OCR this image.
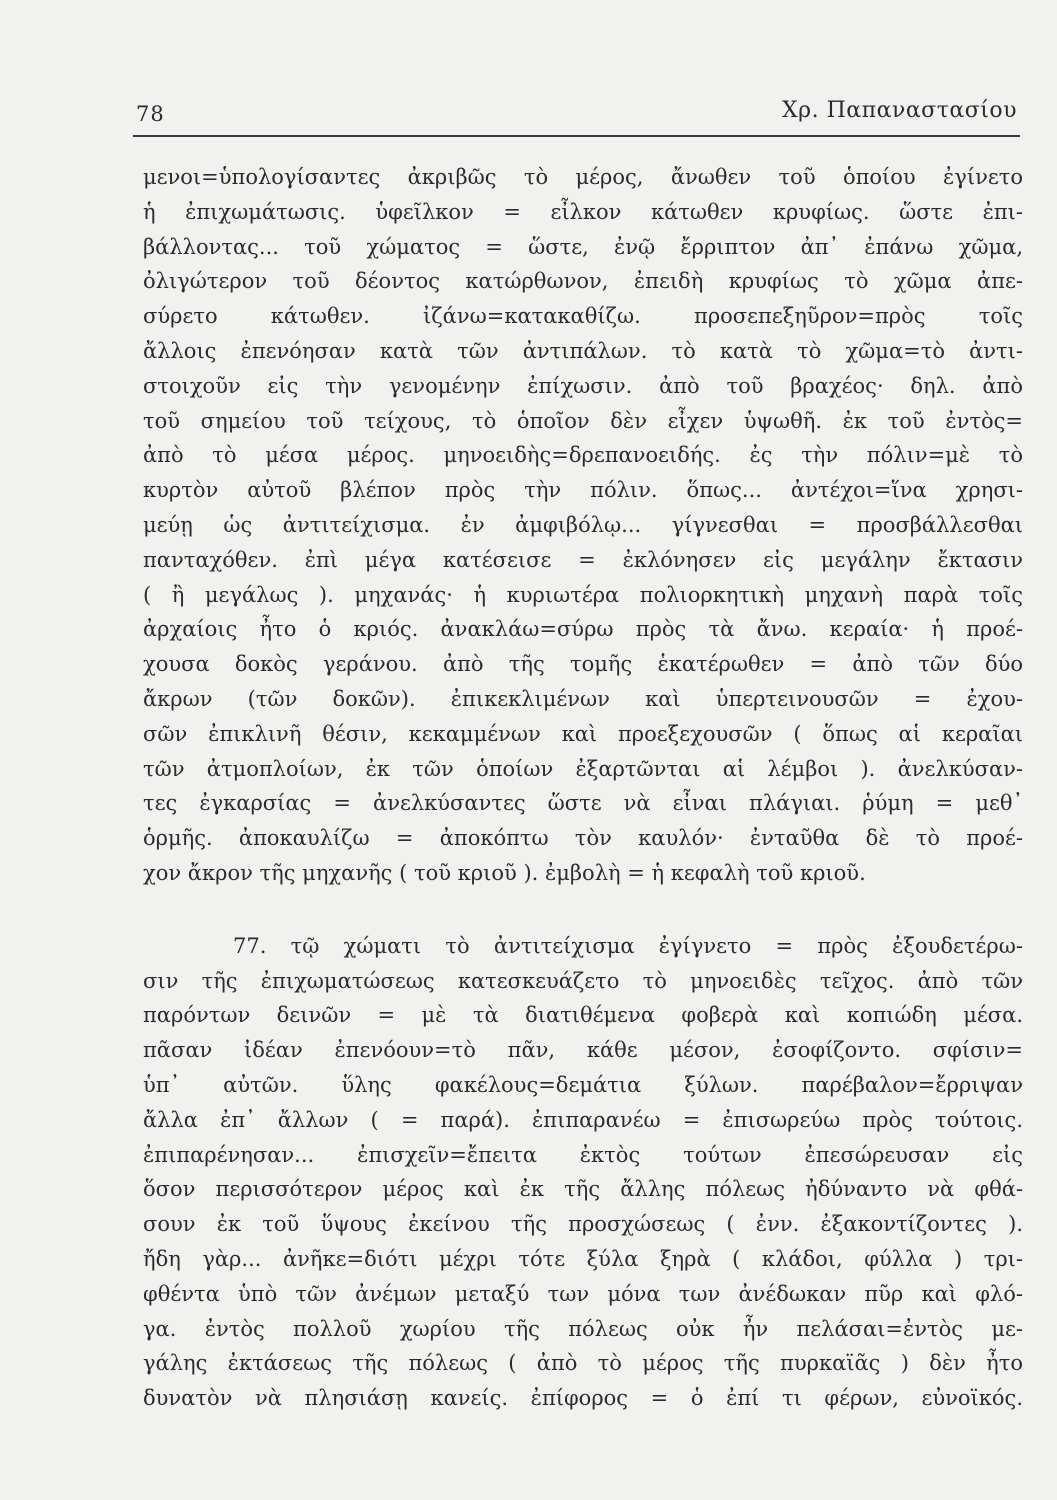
78	Χρ. Παπαναστασίου
μενοι=ὑπολογίσαντες ἀκριβῶς τὸ μέρος, ἄνωθεν τοῦ ὁποίου ἐγίνετο
ἡ ἐπιχωμάτωσις. ὑφεῖλκον = εἶλκον κάτωθεν κρυφίως. ὥστε ἐπι-
βάλλοντας... τοῦ χώματος = ὥστε, ἐνῷ ἔρριπτον ἀπ᾽ ἐπάνω χῶμα,
ὀλιγώτερον τοῦ δέοντος κατώρθωνον, ἐπειδὴ κρυφίως τὸ χῶμα ἀπε-
σύρετο κάτωθεν. ἰζάνω=κατακαθίζω. προσεπεξηῦρον=πρὸς τοῖς
ἄλλοις ἐπενόησαν κατὰ τῶν ἀντιπάλων. τὸ κατὰ τὸ χῶμα=τὸ ἀντι-
στοιχοῦν εἰς τὴν γενομένην ἐπίχωσιν. ἀπὸ τοῦ βραχέος· δηλ. ἀπὸ
τοῦ σημείου τοῦ τείχους, τὸ ὁποῖον δὲν εἶχεν ὑψωθῆ. ἐκ τοῦ ἐντὸς=
ἀπὸ τὸ μέσα μέρος. μηνοειδὴς=δρεπανοειδής. ἐς τὴν πόλιν=μὲ τὸ
κυρτὸν αὐτοῦ βλέπον πρὸς τὴν πόλιν. ὅπως... ἀντέχοι=ἵνα χρησι-
μεύῃ ὡς ἀντιτείχισμα. ἐν ἀμφιβόλῳ... γίγνεσθαι = προσβάλλεσθαι
πανταχόθεν. ἐπὶ μέγα κατέσεισε = ἐκλόνησεν εἰς μεγάλην ἔκτασιν
( ἢ μεγάλως ). μηχανάς· ἡ κυριωτέρα πολιορκητικὴ μηχανὴ παρὰ τοῖς
ἀρχαίοις ἦτο ὁ κριός. ἀνακλάω=σύρω πρὸς τὰ ἄνω. κεραία· ἡ προέ-
χουσα δοκὸς γεράνου. ἀπὸ τῆς τομῆς ἑκατέρωθεν = ἀπὸ τῶν δύο
ἄκρων (τῶν δοκῶν). ἐπικεκλιμένων καὶ ὑπερτεινουσῶν = ἐχου-
σῶν ἐπικλινῆ θέσιν, κεκαμμένων καὶ προεξεχουσῶν ( ὅπως αἱ κεραῖαι
τῶν ἀτμοπλοίων, ἐκ τῶν ὁποίων ἐξαρτῶνται αἱ λέμβοι ). ἀνελκύσαν-
τες ἐγκαρσίας = ἀνελκύσαντες ὥστε νὰ εἶναι πλάγιαι. ῥύμη = μεθ᾽
ὁρμῆς. ἀποκαυλίζω = ἀποκόπτω τὸν καυλόν· ἐνταῦθα δὲ τὸ προέ-
χον ἄκρον τῆς μηχανῆς ( τοῦ κριοῦ ). ἐμβολὴ = ἡ κεφαλὴ τοῦ κριοῦ.
77. τῷ χώματι τὸ ἀντιτείχισμα ἐγίγνετο = πρὸς ἐξουδετέρω-
σιν τῆς ἐπιχωματώσεως κατεσκευάζετο τὸ μηνοειδὲς τεῖχος. ἀπὸ τῶν
παρόντων δεινῶν = μὲ τὰ διατιθέμενα φοβερὰ καὶ κοπιώδη μέσα.
πᾶσαν ἰδέαν ἐπενόουν=τὸ πᾶν, κάθε μέσον, ἐσοφίζοντο. σφίσιν=
ὑπ᾽ αὐτῶν. ὕλης φακέλους=δεμάτια ξύλων. παρέβαλον=ἔρριψαν
ἄλλα ἐπ᾽ ἄλλων ( = παρά). ἐπιπαρανέω = ἐπισωρεύω πρὸς τούτοις.
ἐπιπαρένησαν... ἐπισχεῖν=ἔπειτα ἐκτὸς τούτων ἐπεσώρευσαν εἰς
ὅσον περισσότερον μέρος καὶ ἐκ τῆς ἄλλης πόλεως ἠδύναντο νὰ φθά-
σουν ἐκ τοῦ ὕψους ἐκείνου τῆς προσχώσεως ( ἐνν. ἐξακοντίζοντες ).
ἤδη γὰρ... ἀνῆκε=διότι μέχρι τότε ξύλα ξηρὰ ( κλάδοι, φύλλα ) τρι-
φθέντα ὑπὸ τῶν ἀνέμων μεταξύ των μόνα των ἀνέδωκαν πῦρ καὶ φλό-
γα. ἐντὸς πολλοῦ χωρίου τῆς πόλεως οὐκ ἦν πελάσαι=ἐντὸς με-
γάλης ἐκτάσεως τῆς πόλεως ( ἀπὸ τὸ μέρος τῆς πυρκαϊᾶς ) δὲν ἦτο
δυνατὸν νὰ πλησιάσῃ κανείς. ἐπίφορος = ὁ ἐπί τι φέρων, εὐνοϊκός.
